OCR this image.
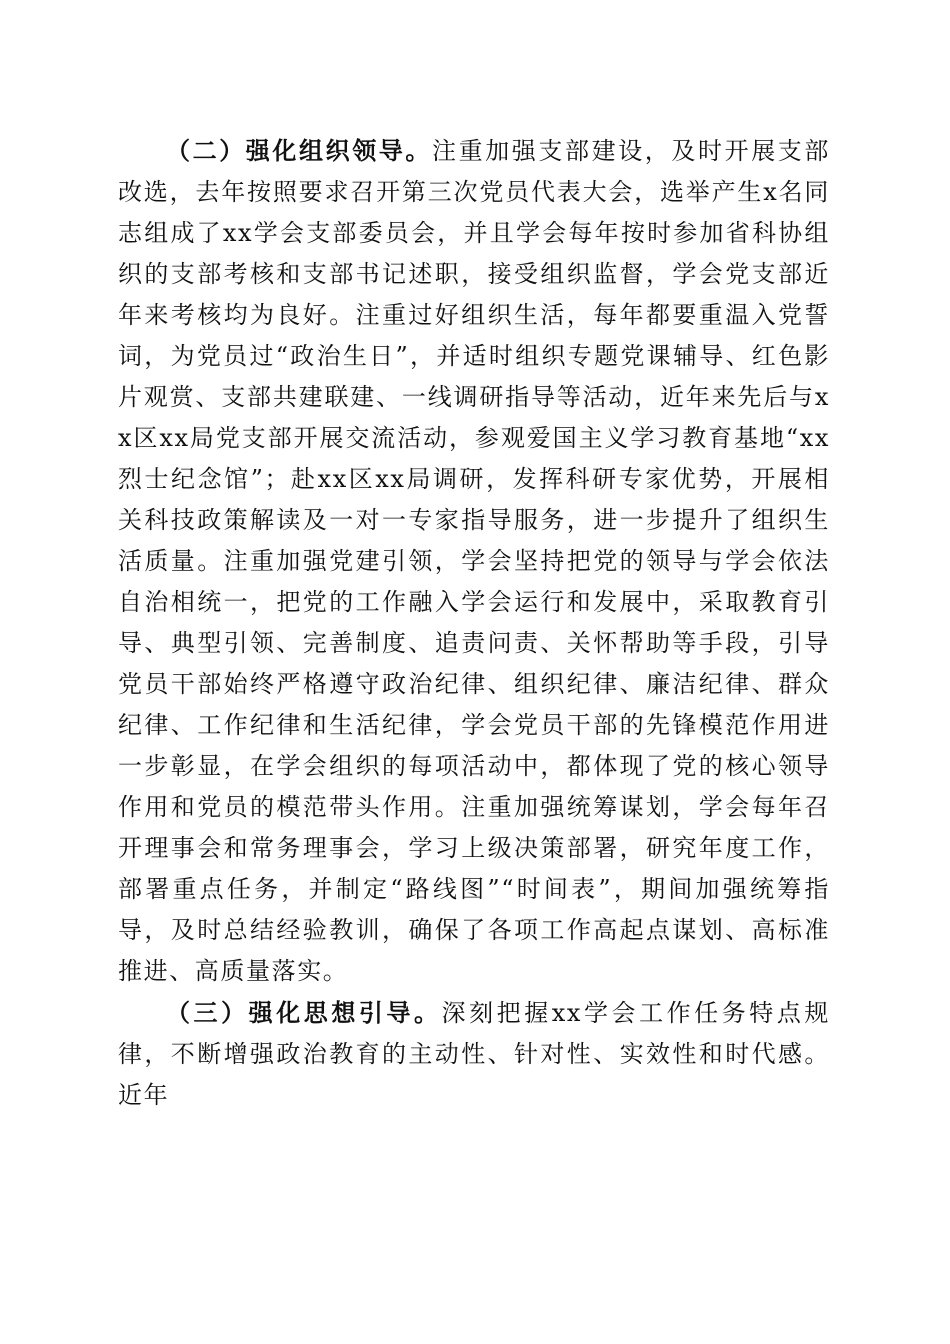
（二）强化组织领导。注重加强支部建设，及时开展支部改选，去年按照要求召开第三次党员代表大会，选举产生x名同志组成了xx学会支部委员会，并且学会每年按时参加省科协组织的支部考核和支部书记述职，接受组织监督，学会党支部近年来考核均为良好。注重过好组织生活，每年都要重温入党誓词，为党员过“政治生日”，并适时组织专题党课辅导、红色影片观赏、支部共建联建、一线调研指导等活动，近年来先后与xx区xx局党支部开展交流活动，参观爱国主义学习教育基地“xx烈士纪念馆”；赴xx区xx局调研，发挥科研专家优势，开展相关科技政策解读及一对一专家指导服务，进一步提升了组织生活质量。注重加强党建引领，学会坚持把党的领导与学会依法自治相统一，把党的工作融入学会运行和发展中，采取教育引导、典型引领、完善制度、追责问责、关怀帮助等手段，引导党员干部始终严格遵守政治纪律、组织纪律、廉洁纪律、群众纪律、工作纪律和生活纪律，学会党员干部的先锋模范作用进一步彰显，在学会组织的每项活动中，都体现了党的核心领导作用和党员的模范带头作用。注重加强统筹谋划，学会每年召开理事会和常务理事会，学习上级决策部署，研究年度工作，部署重点任务，并制定“路线图”“时间表”，期间加强统筹指导，及时总结经验教训，确保了各项工作高起点谋划、高标准推进、高质量落实。

（三）强化思想引导。深刻把握xx学会工作任务特点规律，不断增强政治教育的主动性、针对性、实效性和时代感。近年
